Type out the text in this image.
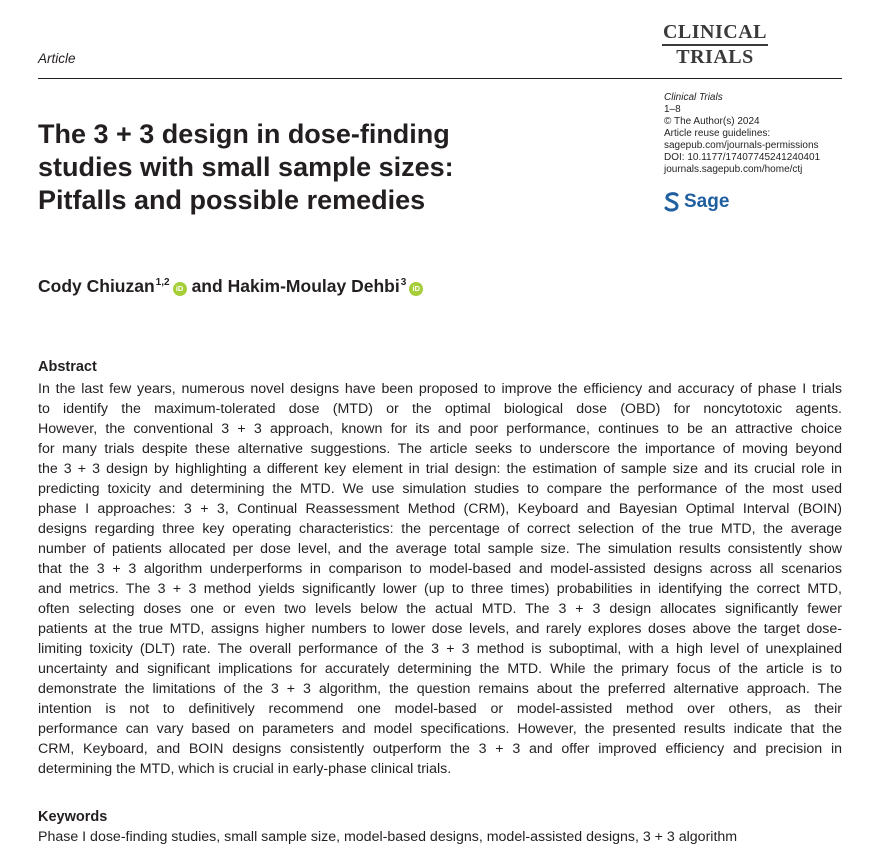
CLINICAL
TRIALS
Article
Clinical Trials
1–8
© The Author(s) 2024
Article reuse guidelines:
sagepub.com/journals-permissions
DOI: 10.1177/17407745241240401
journals.sagepub.com/home/ctj
Sage
The 3 + 3 design in dose-finding
studies with small sample sizes:
Pitfalls and possible remedies
Cody Chiuzan$^{1,2}$ iD and
Hakim-Moulay Dehbi$^3$ iD
Abstract
In the last few years, numerous novel designs have been proposed to improve the efficiency and accuracy of phase I trials
to identify the maximum-tolerated dose (MTD) or the optimal biological dose (OBD) for noncytotoxic agents.
However, the conventional 3 + 3 approach, known for its and poor performance, continues to be an attractive choice
for many trials despite these alternative suggestions. The article seeks to underscore the importance of moving beyond
the 3 + 3 design by highlighting a different key element in trial design: the estimation of sample size and its crucial role in
predicting toxicity and determining the MTD. We use simulation studies to compare the performance of the most used
phase I approaches: 3 + 3, Continual Reassessment Method (CRM), Keyboard and Bayesian Optimal Interval (BOIN)
designs regarding three key operating characteristics: the percentage of correct selection of the true MTD, the average
number of patients allocated per dose level, and the average total sample size. The simulation results consistently show
that the 3 + 3 algorithm underperforms in comparison to model-based and model-assisted designs across all scenarios
and metrics. The 3 + 3 method yields significantly lower (up to three times) probabilities in identifying the correct MTD,
often selecting doses one or even two levels below the actual MTD. The 3 + 3 design allocates significantly fewer
patients at the true MTD, assigns higher numbers to lower dose levels, and rarely explores doses above the target dose-
limiting toxicity (DLT) rate. The overall performance of the 3 + 3 method is suboptimal, with a high level of unexplained
uncertainty and significant implications for accurately determining the MTD. While the primary focus of the article is to
demonstrate the limitations of the 3 + 3 algorithm, the question remains about the preferred alternative approach. The
intention is not to definitively recommend one model-based or model-assisted method over others, as their
performance can vary based on parameters and model specifications. However, the presented results indicate that the
CRM, Keyboard, and BOIN designs consistently outperform the 3 + 3 and offer improved efficiency and precision in
determining the MTD, which is crucial in early-phase clinical trials.
Keywords
Phase I dose-finding studies, small sample size, model-based designs, model-assisted designs, 3 + 3 algorithm
